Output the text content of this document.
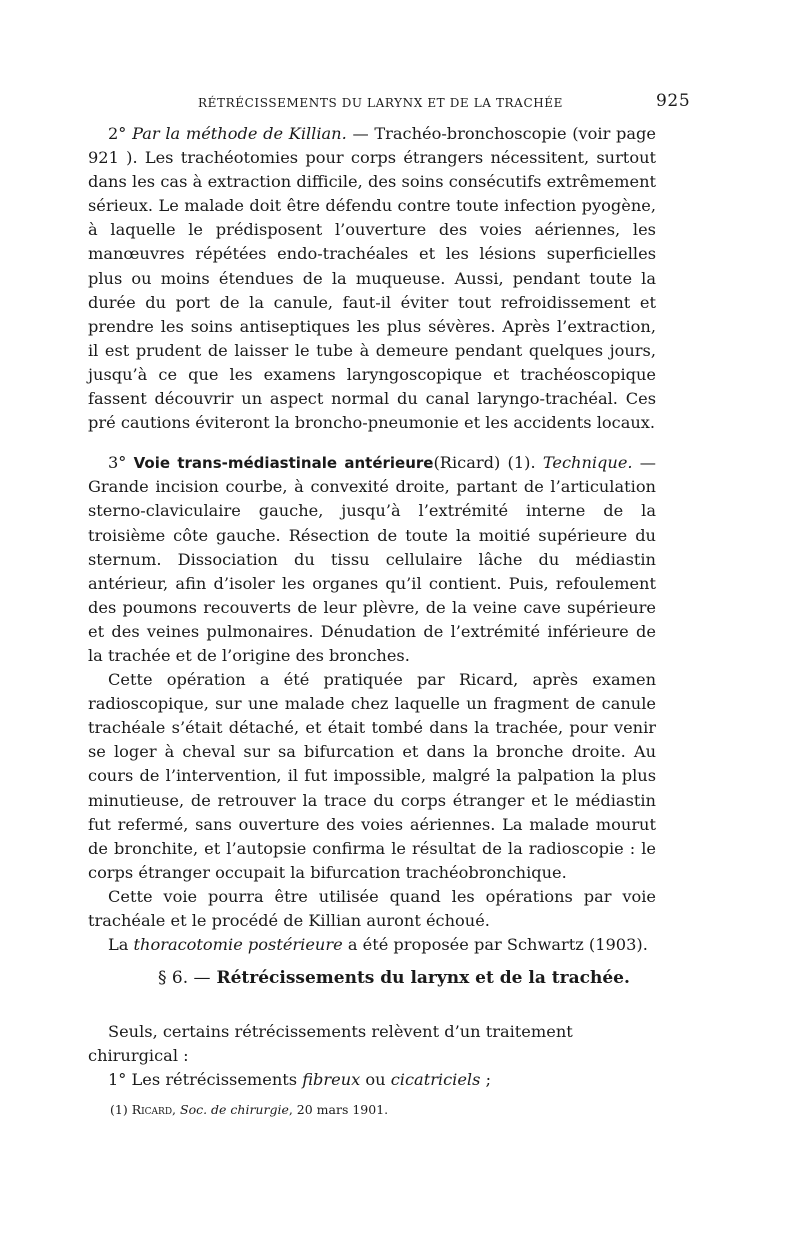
RÉTRÉCISSEMENTS DU LARYNX ET DE LA TRACHÉE	925

2° Par la méthode de Killian. — Trachéo-bronchoscopie (voir page 921 ). Les trachéotomies pour corps étrangers nécessitent, surtout dans les cas à extraction difficile, des soins consécutifs extrêmement sérieux. Le malade doit être défendu contre toute infection pyogène, à laquelle le prédisposent l’ouverture des voies aériennes, les manœuvres répétées endo-trachéales et les lésions superficielles plus ou moins étendues de la muqueuse. Aussi, pendant toute la durée du port de la canule, faut-il éviter tout refroidissement et prendre les soins antiseptiques les plus sévères. Après l’extraction, il est prudent de laisser le tube à demeure pendant quelques jours, jusqu’à ce que les examens laryngoscopique et trachéoscopique fassent découvrir un aspect normal du canal laryngo-trachéal. Ces pré cautions éviteront la broncho-pneumonie et les accidents locaux.

3° Voie trans-médiastinale antérieure(Ricard) (1). Technique. — Grande incision courbe, à convexité droite, partant de l’articulation sterno-claviculaire gauche, jusqu’à l’extrémité interne de la troisième côte gauche. Résection de toute la moitié supérieure du sternum. Dissociation du tissu cellulaire lâche du médiastin antérieur, afin d’isoler les organes qu’il contient. Puis, refoulement des poumons recouverts de leur plèvre, de la veine cave supérieure et des veines pulmonaires. Dénudation de l’extrémité inférieure de la trachée et de l’origine des bronches.

Cette opération a été pratiquée par Ricard, après examen radioscopique, sur une malade chez laquelle un fragment de canule trachéale s’était détaché, et était tombé dans la trachée, pour venir se loger à cheval sur sa bifurcation et dans la bronche droite. Au cours de l’intervention, il fut impossible, malgré la palpation la plus minutieuse, de retrouver la trace du corps étranger et le médiastin fut refermé, sans ouverture des voies aériennes. La malade mourut de bronchite, et l’autopsie confirma le résultat de la radioscopie : le corps étranger occupait la bifurcation trachéobronchique.

Cette voie pourra être utilisée quand les opérations par voie trachéale et le procédé de Killian auront échoué.

La thoracotomie postérieure a été proposée par Schwartz (1903).

§ 6. — Rétrécissements du larynx et de la trachée.

Seuls, certains rétrécissements relèvent d’un traitement chirurgical :

1° Les rétrécissements fibreux ou cicatriciels ;

(1) Ricard, Soc. de chirurgie, 20 mars 1901.
